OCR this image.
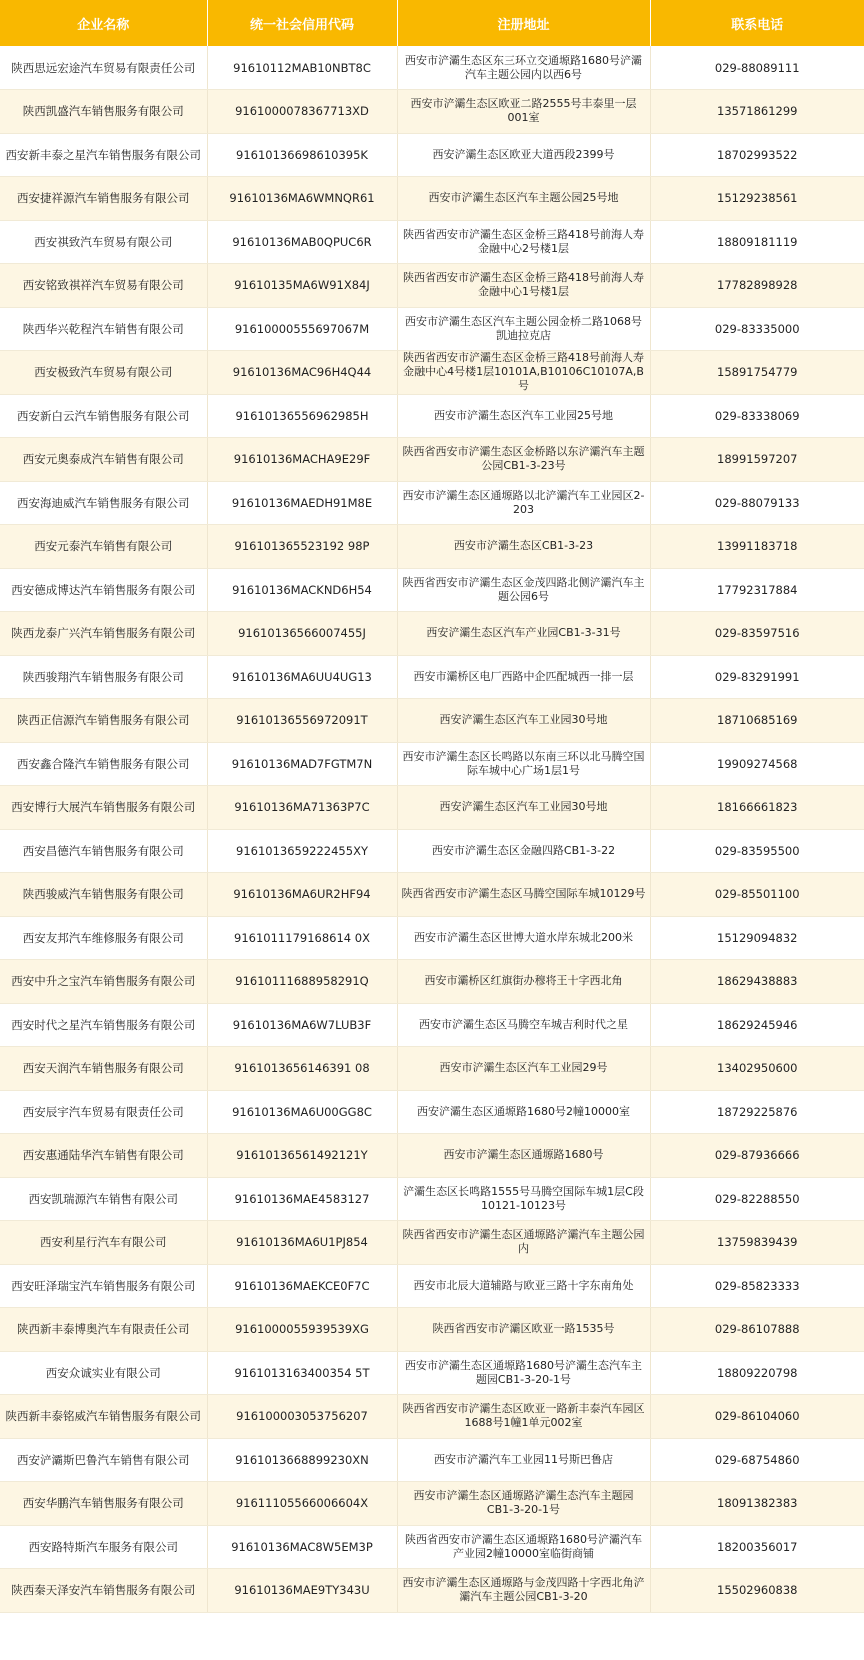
企业名称	统一社会信用代码	注册地址	联系电话
陕西思远宏途汽车贸易有限责任公司	91610112MAB10NBT8C	西安市浐灞生态区东三环立交通塬路1680号浐灞汽车主题公园内以西6号	029-88089111
陕西凯盛汽车销售服务有限公司	9161000078367713XD	西安市浐灞生态区欧亚二路2555号丰泰里一层001室	13571861299
西安新丰泰之星汽车销售服务有限公司	91610136698610395K	西安浐灞生态区欧亚大道西段2399号	18702993522
西安捷祥源汽车销售服务有限公司	91610136MA6WMNQR61	西安市浐灞生态区汽车主题公园25号地	15129238561
西安祺致汽车贸易有限公司	91610136MAB0QPUC6R	陕西省西安市浐灞生态区金桥三路418号前海人寿金融中心2号楼1层	18809181119
西安铭致祺祥汽车贸易有限公司	91610135MA6W91X84J	陕西省西安市浐灞生态区金桥三路418号前海人寿金融中心1号楼1层	17782898928
陕西华兴乾程汽车销售有限公司	91610000555697067M	西安市浐灞生态区汽车主题公园金桥二路1068号凯迪拉克店	029-83335000
西安极致汽车贸易有限公司	91610136MAC96H4Q44	陕西省西安市浐灞生态区金桥三路418号前海人寿金融中心4号楼1层10101A,B10106C10107A,B号	15891754779
西安新白云汽车销售服务有限公司	91610136556962985H	西安市浐灞生态区汽车工业园25号地	029-83338069
西安元奥泰成汽车销售有限公司	91610136MACHA9E29F	陕西省西安市浐灞生态区金桥路以东浐灞汽车主题公园CB1-3-23号	18991597207
西安海迪威汽车销售服务有限公司	91610136MAEDH91M8E	西安市浐灞生态区通塬路以北浐灞汽车工业园区2-203	029-88079133
西安元泰汽车销售有限公司	916101365523192 98P	西安市浐灞生态区CB1-3-23	13991183718
西安德成博达汽车销售服务有限公司	91610136MACKND6H54	陕西省西安市浐灞生态区金茂四路北侧浐灞汽车主题公园6号	17792317884
陕西龙泰广兴汽车销售服务有限公司	91610136566007455J	西安浐灞生态区汽车产业园CB1-3-31号	029-83597516
陕西骏翔汽车销售服务有限公司	91610136MA6UU4UG13	西安市灞桥区电厂西路中企匹配城西一排一层	029-83291991
陕西正信源汽车销售服务有限公司	91610136556972091T	西安浐灞生态区汽车工业园30号地	18710685169
西安鑫合隆汽车销售服务有限公司	91610136MAD7FGTM7N	西安市浐灞生态区长鸣路以东南三环以北马腾空国际车城中心广场1层1号	19909274568
西安博行大展汽车销售服务有限公司	91610136MA71363P7C	西安浐灞生态区汽车工业园30号地	18166661823
西安昌德汽车销售服务有限公司	9161013659222455XY	西安市浐灞生态区金融四路CB1-3-22	029-83595500
陕西骏威汽车销售服务有限公司	91610136MA6UR2HF94	陕西省西安市浐灞生态区马腾空国际车城10129号	029-85501100
西安友邦汽车维修服务有限公司	9161011179168614 0X	西安市浐灞生态区世博大道水岸东城北200米	15129094832
西安中升之宝汽车销售服务有限公司	91610111688958291Q	西安市灞桥区红旗街办穆将王十字西北角	18629438883
西安时代之星汽车销售服务有限公司	91610136MA6W7LUB3F	西安市浐灞生态区马腾空车城吉利时代之星	18629245946
西安天润汽车销售服务有限公司	9161013656146391 08	西安市浐灞生态区汽车工业园29号	13402950600
西安辰宇汽车贸易有限责任公司	91610136MA6U00GG8C	西安浐灞生态区通塬路1680号2幢10000室	18729225876
西安惠通陆华汽车销售有限公司	91610136561492121Y	西安市浐灞生态区通塬路1680号	029-87936666
西安凯瑞源汽车销售有限公司	91610136MAE4583127	浐灞生态区长鸣路1555号马腾空国际车城1层C段10121-10123号	029-82288550
西安利星行汽车有限公司	91610136MA6U1PJ854	陕西省西安市浐灞生态区通塬路浐灞汽车主题公园内	13759839439
西安旺泽瑞宝汽车销售服务有限公司	91610136MAEKCE0F7C	西安市北辰大道辅路与欧亚三路十字东南角处	029-85823333
陕西新丰泰博奥汽车有限责任公司	9161000055939539XG	陕西省西安市浐灞区欧亚一路1535号	029-86107888
西安众诚实业有限公司	9161013163400354 5T	西安市浐灞生态区通塬路1680号浐灞生态汽车主题园CB1-3-20-1号	18809220798
陕西新丰泰铭威汽车销售服务有限公司	916100003053756207	陕西省西安市浐灞生态区欧亚一路新丰泰汽车园区1688号1幢1单元002室	029-86104060
西安浐灞斯巴鲁汽车销售有限公司	9161013668899230XN	西安市浐灞汽车工业园11号斯巴鲁店	029-68754860
西安华鹏汽车销售服务有限公司	91611105566006604X	西安市浐灞生态区通塬路浐灞生态汽车主题园CB1-3-20-1号	18091382383
西安路特斯汽车服务有限公司	91610136MAC8W5EM3P	陕西省西安市浐灞生态区通塬路1680号浐灞汽车产业园2幢10000室临街商铺	18200356017
陕西秦天泽安汽车销售服务有限公司	91610136MAE9TY343U	西安市浐灞生态区通塬路与金茂四路十字西北角浐灞汽车主题公园CB1-3-20	15502960838
